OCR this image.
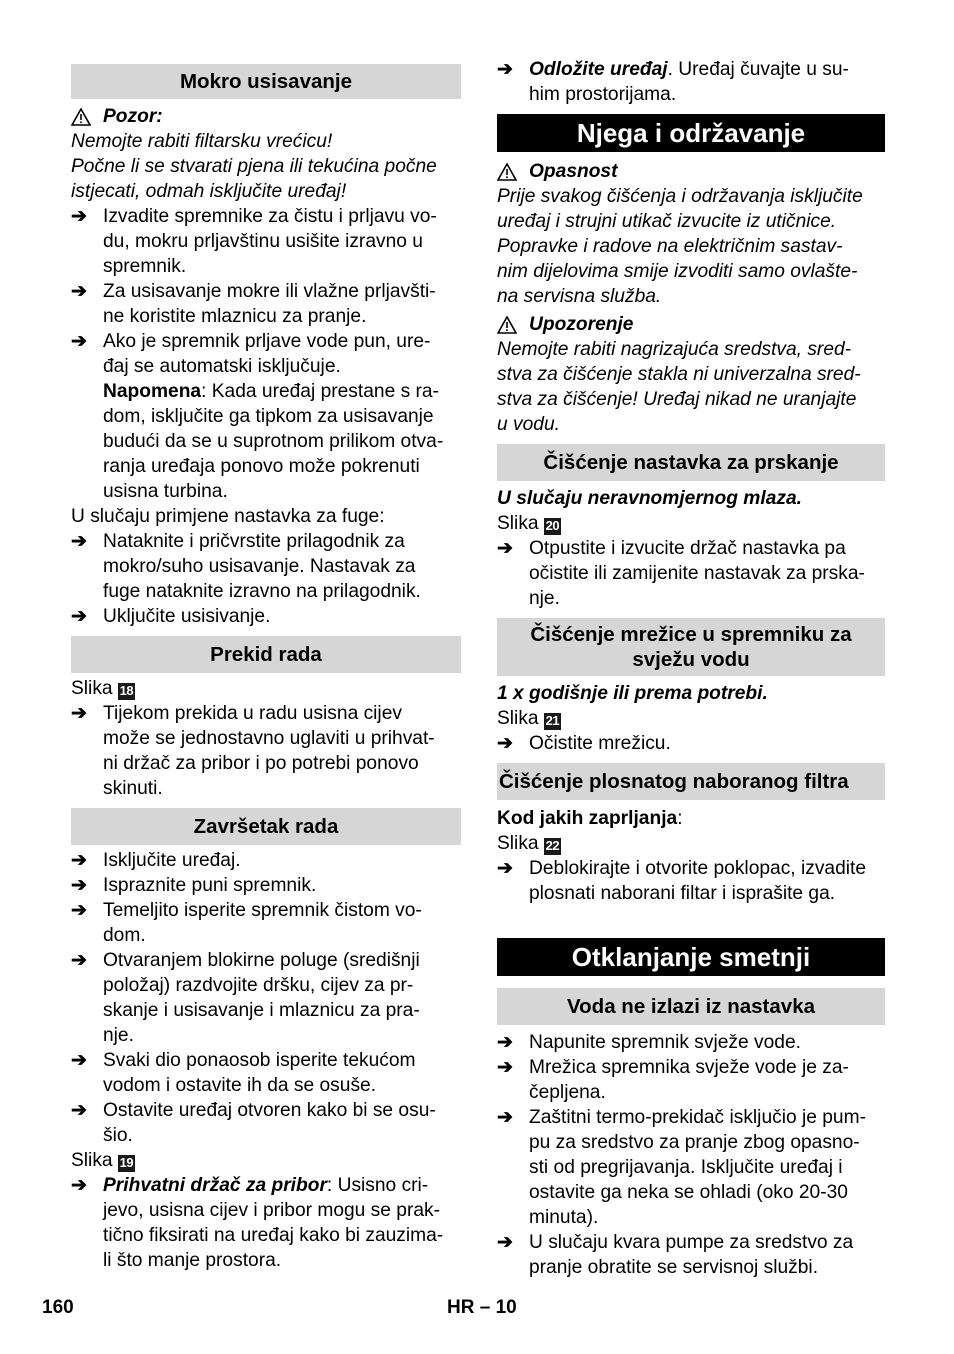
Mokro usisavanje
Pozor:

Nemojte rabiti filtarsku vrećicu!

Počne li se stvarati pjena ili tekućina počne

istjecati, odmah isključite uređaj!

➔ Izvadite spremnike za čistu i prljavu vo-

du, mokru prljavštinu usišite izravno u

spremnik.

➔ Za usisavanje mokre ili vlažne prljavšti-

ne koristite mlaznicu za pranje.

➔ Ako je spremnik prljave vode pun, ure-

đaj se automatski isključuje.

Napomena: Kada uređaj prestane s ra-

dom, isključite ga tipkom za usisavanje

budući da se u suprotnom prilikom otva-

ranja uređaja ponovo može pokrenuti

usisna turbina.

U slučaju primjene nastavka za fuge:

➔ Nataknite i pričvrstite prilagodnik za

mokro/suho usisavanje. Nastavak za

fuge nataknite izravno na prilagodnik.

➔ Uključite usisivanje.

Prekid rada

Slika 18

➔ Tijekom prekida u radu usisna cijev

može se jednostavno uglaviti u prihvat-

ni držač za pribor i po potrebi ponovo

skinuti.

Završetak rada
➔ Isključite uređaj.

➔ Ispraznite puni spremnik.

➔ Temeljito isperite spremnik čistom vo-

dom.

➔ Otvaranjem blokirne poluge (središnji

položaj) razdvojite dršku, cijev za pr-

skanje i usisavanje i mlaznicu za pra-

nje.

➔ Svaki dio ponaosob isperite tekućom

vodom i ostavite ih da se osuše.

➔ Ostavite uređaj otvoren kako bi se osu-

šio.

Slika 19

➔ Prihvatni držač za pribor: Usisno cri-

jevo, usisna cijev i pribor mogu se prak-

tično fiksirati na uređaj kako bi zauzima-

li što manje prostora.

➔ Odložite uređaj. Uređaj čuvajte u su-

him prostorijama.

Njega i održavanje
Opasnost

Prije svakog čišćenja i održavanja isključite

uređaj i strujni utikač izvucite iz utičnice.

Popravke i radove na električnim sastav-

nim dijelovima smije izvoditi samo ovlašte-

na servisna služba.

Upozorenje

Nemojte rabiti nagrizajuća sredstva, sred-

stva za čišćenje stakla ni univerzalna sred-

stva za čišćenje! Uređaj nikad ne uranjajte

u vodu.

Čišćenje nastavka za prskanje

U slučaju neravnomjernog mlaza.

Slika 20

➔ Otpustite i izvucite držač nastavka pa

očistite ili zamijenite nastavak za prska-

nje.

Čišćenje mrežice u spremniku za
svježu vodu

1 x godišnje ili prema potrebi.

Slika 21

➔ Očistite mrežicu.

Čišćenje plosnatog naboranog filtra

Kod jakih zaprljanja:

Slika 22

➔ Deblokirajte i otvorite poklopac, izvadite

plosnati naborani filtar i isprašite ga.

Otklanjanje smetnji
Voda ne izlazi iz nastavka
➔ Napunite spremnik svježe vode.

➔ Mrežica spremnika svježe vode je za-

čepljena.

➔ Zaštitni termo-prekidač isključio je pum-

pu za sredstvo za pranje zbog opasno-

sti od pregrijavanja. Isključite uređaj i

ostavite ga neka se ohladi (oko 20-30

minuta).

➔ U slučaju kvara pumpe za sredstvo za

pranje obratite se servisnoj službi.

160	HR – 10
